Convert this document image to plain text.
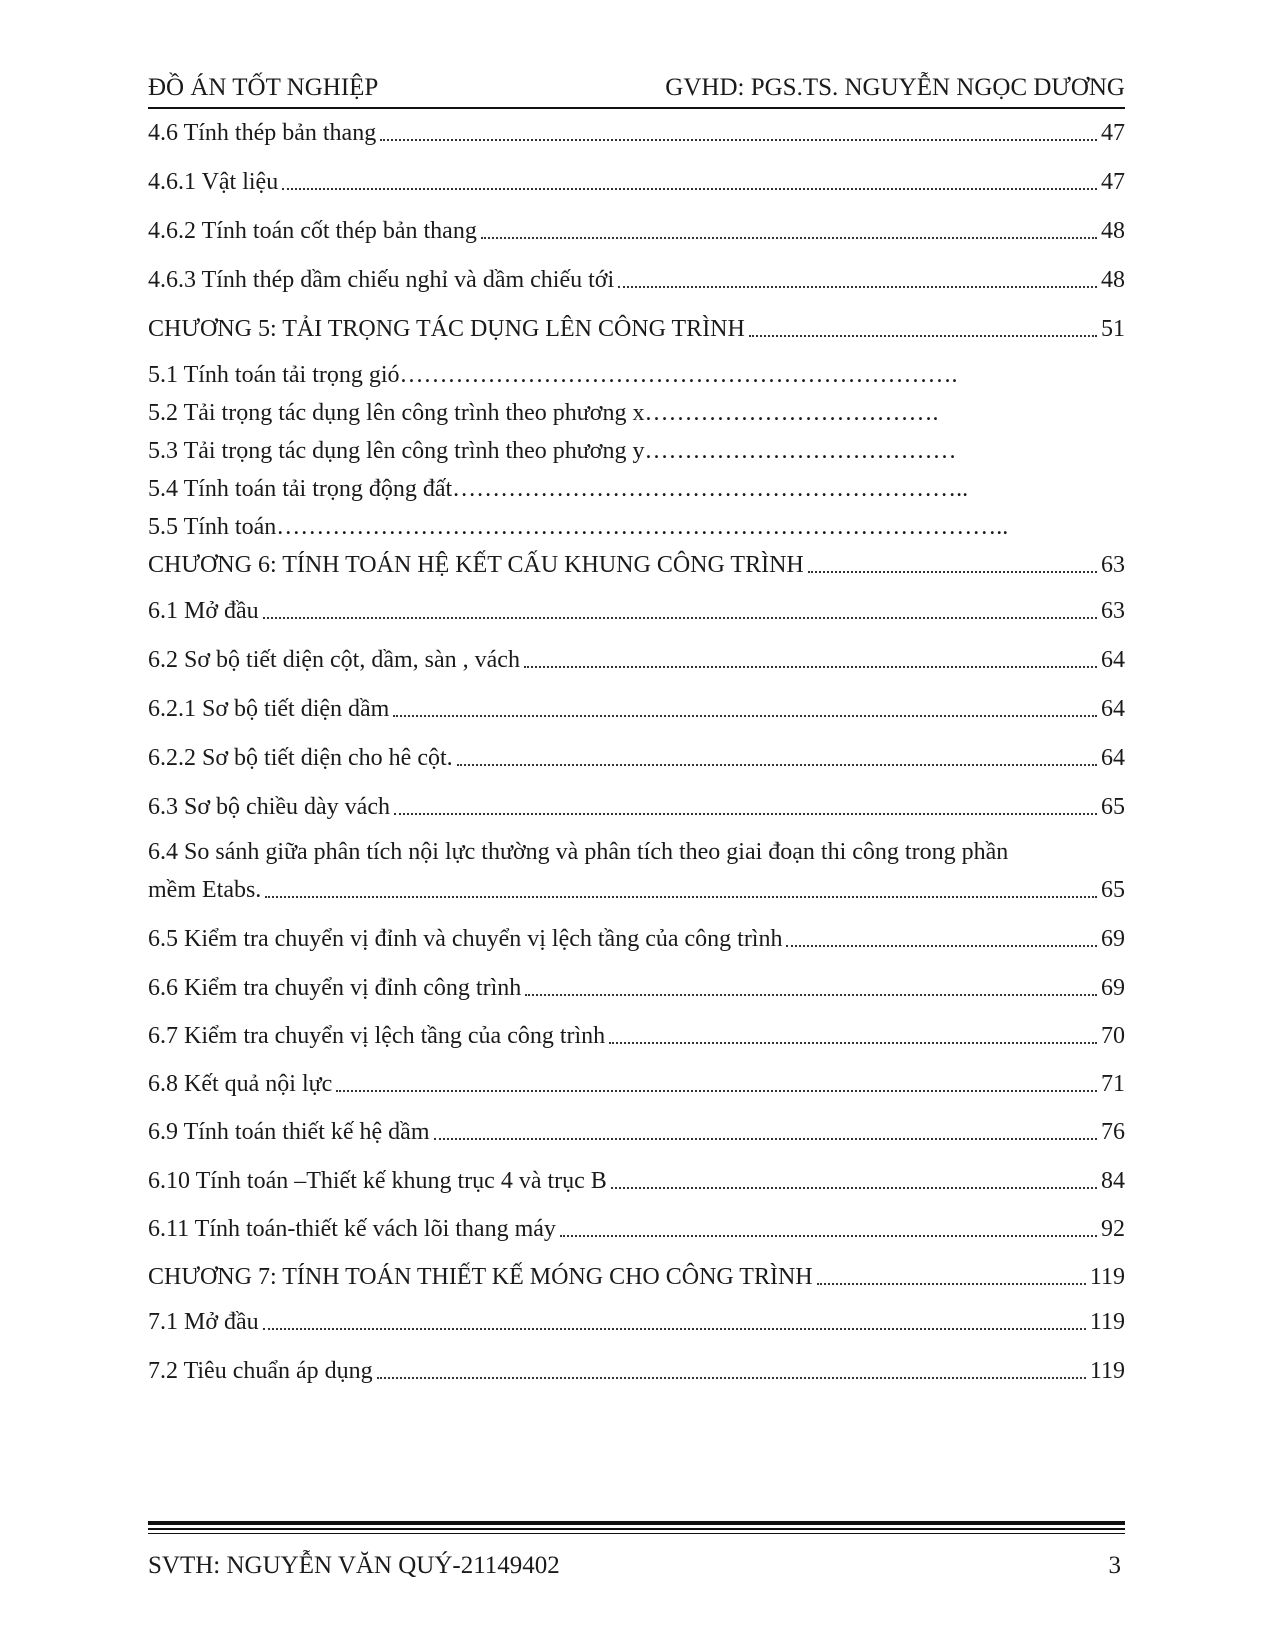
ĐỒ ÁN TỐT NGHIỆP	GVHD: PGS.TS. NGUYỄN NGỌC DƯƠNG
4.6 Tính thép bản thang	47
4.6.1 Vật liệu	47
4.6.2 Tính toán cốt thép bản thang	48
4.6.3 Tính thép dầm chiếu nghỉ và dầm chiếu tới	48
CHƯƠNG 5: TẢI TRỌNG TÁC DỤNG LÊN CÔNG TRÌNH	51
5.1 Tính toán tải trọng gió…………………………………………………………….
5.2 Tải trọng tác dụng lên công trình theo phương x……………………………….
5.3 Tải trọng tác dụng lên công trình theo phương y…………………………………
5.4 Tính toán tải trọng động đất………………………………………………………..
5.5 Tính toán………………………………………………………………………………..
CHƯƠNG 6: TÍNH TOÁN HỆ KẾT CẤU KHUNG CÔNG TRÌNH	63
6.1 Mở đầu	63
6.2 Sơ bộ tiết diện cột, dầm, sàn , vách	64
6.2.1 Sơ bộ tiết diện dầm	64
6.2.2 Sơ bộ tiết diện cho hê cột.	64
6.3 Sơ bộ chiều dày vách	65
6.4 So sánh giữa phân tích nội lực thường và phân tích theo giai đoạn thi công trong phần
mềm Etabs.	65
6.5 Kiểm tra chuyển vị đỉnh và chuyển vị lệch tầng của công trình	69
6.6 Kiểm tra chuyển vị đỉnh công trình	69
6.7 Kiểm tra chuyển vị lệch tầng của công trình	70
6.8 Kết quả nội lực	71
6.9 Tính toán thiết kế hệ dầm	76
6.10 Tính toán –Thiết kế khung trục 4 và trục B	84
6.11 Tính toán-thiết kế vách lõi thang máy	92
CHƯƠNG 7: TÍNH TOÁN THIẾT KẾ MÓNG CHO CÔNG TRÌNH	119
7.1 Mở đầu	119
7.2 Tiêu chuẩn áp dụng	119
SVTH: NGUYỄN VĂN QUÝ-21149402	3
